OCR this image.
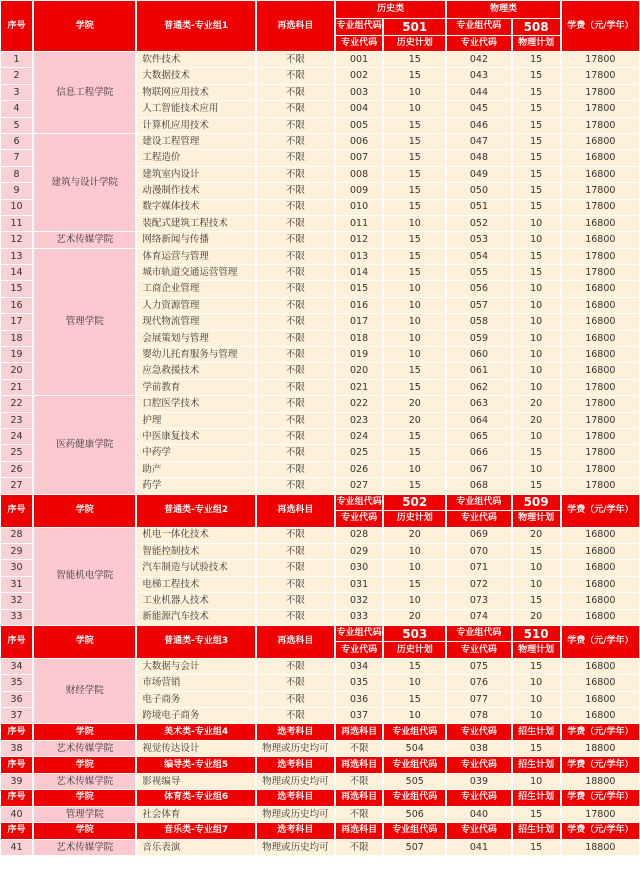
序号	学院	普通类-专业组1	再选科目	历史类		物理类		学费（元/学年）
				专业组代码	501	专业组代码	508	
				专业代码	历史计划	专业代码	物理计划	
1	信息工程学院	软件技术	不限	001	15	042	15	17800
2		大数据技术	不限	002	15	043	15	17800
3		物联网应用技术	不限	003	10	044	15	17800
4		人工智能技术应用	不限	004	10	045	15	17800
5		计算机应用技术	不限	005	15	046	15	17800
6	建筑与设计学院	建设工程管理	不限	006	15	047	15	16800
7		工程造价	不限	007	15	048	15	16800
8		建筑室内设计	不限	008	15	049	15	16800
9		动漫制作技术	不限	009	15	050	15	17800
10		数字媒体技术	不限	010	15	051	15	17800
11		装配式建筑工程技术	不限	011	10	052	10	16800
12	艺术传媒学院	网络新闻与传播	不限	012	15	053	10	16800
13	管理学院	体育运营与管理	不限	013	15	054	15	17800
14		城市轨道交通运营管理	不限	014	15	055	15	17800
15		工商企业管理	不限	015	10	056	10	16800
16		人力资源管理	不限	016	10	057	10	16800
17		现代物流管理	不限	017	10	058	10	16800
18		会展策划与管理	不限	018	10	059	10	16800
19		婴幼儿托育服务与管理	不限	019	10	060	10	16800
20		应急救援技术	不限	020	15	061	10	16800
21		学前教育	不限	021	15	062	10	17800
22	医药健康学院	口腔医学技术	不限	022	20	063	20	17800
23		护理	不限	023	20	064	20	17800
24		中医康复技术	不限	024	15	065	10	17800
25		中药学	不限	025	15	066	15	17800
26		助产	不限	026	10	067	10	17800
27		药学	不限	027	15	068	15	17800
序号	学院	普通类-专业组2	再选科目	专业组代码	502	专业组代码	509	学费（元/学年）
				专业代码	历史计划	专业代码	物理计划	
28	智能机电学院	机电一体化技术	不限	028	20	069	20	16800
29		智能控制技术	不限	029	10	070	15	16800
30		汽车制造与试验技术	不限	030	10	071	10	16800
31		电梯工程技术	不限	031	15	072	10	16800
32		工业机器人技术	不限	032	10	073	15	16800
33		新能源汽车技术	不限	033	20	074	20	16800
序号	学院	普通类-专业组3	再选科目	专业组代码	503	专业组代码	510	学费（元/学年）
				专业代码	历史计划	专业代码	物理计划	
34	财经学院	大数据与会计	不限	034	15	075	15	16800
35		市场营销	不限	035	10	076	10	16800
36		电子商务	不限	036	15	077	10	16800
37		跨境电子商务	不限	037	10	078	10	16800
序号	学院	美术类-专业组4	选考科目	再选科目	专业组代码	专业代码	招生计划	学费（元/学年）
38	艺术传媒学院	视觉传达设计	物理或历史均可	不限	504	038	15	18800
序号	学院	编导类-专业组5	选考科目	再选科目	专业组代码	专业代码	招生计划	学费（元/学年）
39	艺术传媒学院	影视编导	物理或历史均可	不限	505	039	10	18800
序号	学院	体育类-专业组6	选考科目	再选科目	专业组代码	专业代码	招生计划	学费（元/学年）
40	管理学院	社会体育	物理或历史均可	不限	506	040	15	17800
序号	学院	音乐类-专业组7	选考科目	再选科目	专业组代码	专业代码	招生计划	学费（元/学年）
41	艺术传媒学院	音乐表演	物理或历史均可	不限	507	041	15	18800
高考直通车
